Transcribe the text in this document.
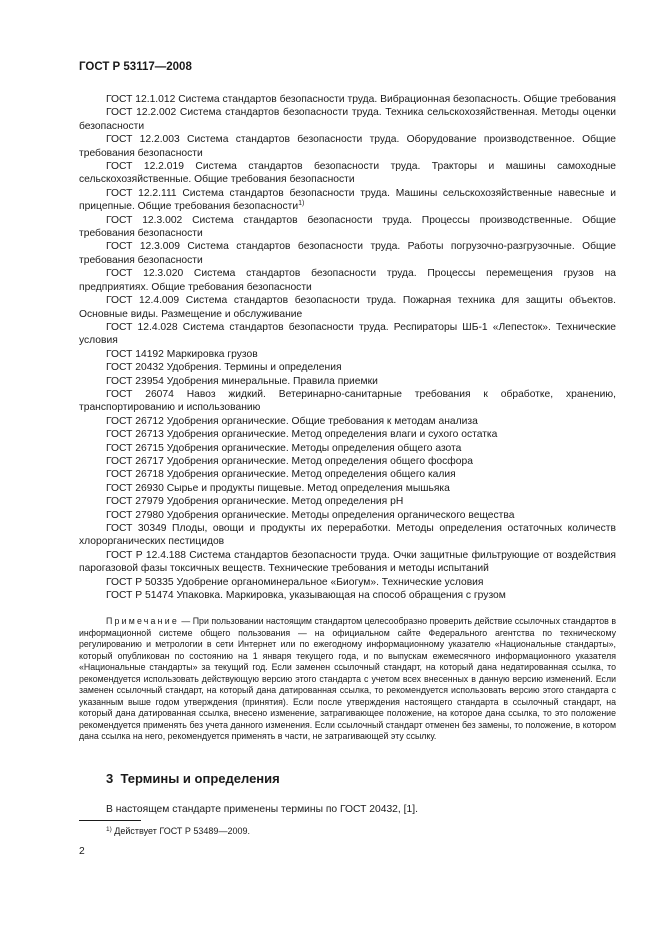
ГОСТ Р 53117—2008

ГОСТ 12.1.012 Система стандартов безопасности труда. Вибрационная безопасность. Общие требования

ГОСТ 12.2.002 Система стандартов безопасности труда. Техника сельскохозяйственная. Методы оценки безопасности

ГОСТ 12.2.003 Система стандартов безопасности труда. Оборудование производственное. Общие требования безопасности

ГОСТ 12.2.019 Система стандартов безопасности труда. Тракторы и машины самоходные сельскохозяйственные. Общие требования безопасности

ГОСТ 12.2.111 Система стандартов безопасности труда. Машины сельскохозяйственные навесные и прицепные. Общие требования безопасности$^{1)}$

ГОСТ 12.3.002 Система стандартов безопасности труда. Процессы производственные. Общие требования безопасности

ГОСТ 12.3.009 Система стандартов безопасности труда. Работы погрузочно-разгрузочные. Общие требования безопасности

ГОСТ 12.3.020 Система стандартов безопасности труда. Процессы перемещения грузов на предприятиях. Общие требования безопасности

ГОСТ 12.4.009 Система стандартов безопасности труда. Пожарная техника для защиты объектов. Основные виды. Размещение и обслуживание

ГОСТ 12.4.028 Система стандартов безопасности труда. Респираторы ШБ-1 «Лепесток». Технические условия

ГОСТ 14192 Маркировка грузов

ГОСТ 20432 Удобрения. Термины и определения

ГОСТ 23954 Удобрения минеральные. Правила приемки

ГОСТ 26074 Навоз жидкий. Ветеринарно-санитарные требования к обработке, хранению, транспортированию и использованию

ГОСТ 26712 Удобрения органические. Общие требования к методам анализа

ГОСТ 26713 Удобрения органические. Метод определения влаги и сухого остатка

ГОСТ 26715 Удобрения органические. Методы определения общего азота

ГОСТ 26717 Удобрения органические. Метод определения общего фосфора

ГОСТ 26718 Удобрения органические. Метод определения общего калия

ГОСТ 26930 Сырье и продукты пищевые. Метод определения мышьяка

ГОСТ 27979 Удобрения органические. Метод определения рН

ГОСТ 27980 Удобрения органические. Методы определения органического вещества

ГОСТ 30349 Плоды, овощи и продукты их переработки. Методы определения остаточных количеств хлорорганических пестицидов

ГОСТ Р 12.4.188 Система стандартов безопасности труда. Очки защитные фильтрующие от воздействия парогазовой фазы токсичных веществ. Технические требования и методы испытаний

ГОСТ Р 50335 Удобрение органоминеральное «Биогум». Технические условия

ГОСТ Р 51474 Упаковка. Маркировка, указывающая на способ обращения с грузом

Примечание — При пользовании настоящим стандартом целесообразно проверить действие ссылочных стандартов в информационной системе общего пользования — на официальном сайте Федерального агентства по техническому регулированию и метрологии в сети Интернет или по ежегодному информационному указателю «Национальные стандарты», который опубликован по состоянию на 1 января текущего года, и по выпускам ежемесячного информационного указателя «Национальные стандарты» за текущий год. Если заменен ссылочный стандарт, на который дана недатированная ссылка, то рекомендуется использовать действующую версию этого стандарта с учетом всех внесенных в данную версию изменений. Если заменен ссылочный стандарт, на который дана датированная ссылка, то рекомендуется использовать версию этого стандарта с указанным выше годом утверждения (принятия). Если после утверждения настоящего стандарта в ссылочный стандарт, на который дана датированная ссылка, внесено изменение, затрагивающее положение, на которое дана ссылка, то это положение рекомендуется применять без учета данного изменения. Если ссылочный стандарт отменен без замены, то положение, в котором дана ссылка на него, рекомендуется применять в части, не затрагивающей эту ссылку.

3 Термины и определения
В настоящем стандарте применены термины по ГОСТ 20432, [1].
$^{1)}$ Действует ГОСТ Р 53489—2009.
2
